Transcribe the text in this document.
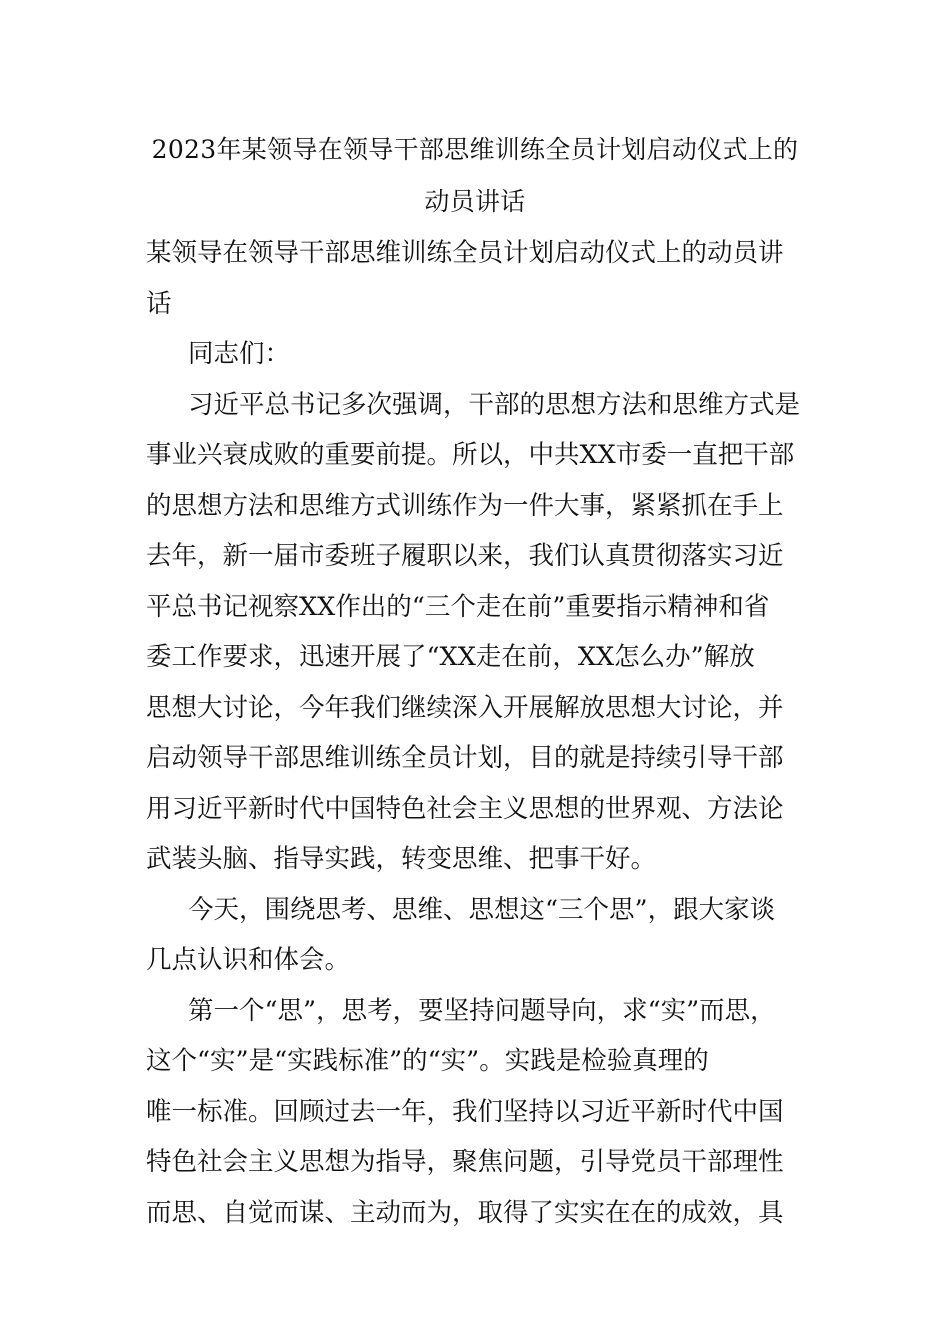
2023年某领导在领导干部思维训练全员计划启动仪式上的
动员讲话
某领导在领导干部思维训练全员计划启动仪式上的动员讲
话
同志们：
习近平总书记多次强调，干部的思想方法和思维方式是
事业兴衰成败的重要前提。所以，中共XX市委一直把干部
的思想方法和思维方式训练作为一件大事，紧紧抓在手上
去年，新一届市委班子履职以来，我们认真贯彻落实习近
平总书记视察XX作出的“三个走在前”重要指示精神和省
委工作要求，迅速开展了“XX走在前，XX怎么办”解放
思想大讨论，今年我们继续深入开展解放思想大讨论，并
启动领导干部思维训练全员计划，目的就是持续引导干部
用习近平新时代中国特色社会主义思想的世界观、方法论
武装头脑、指导实践，转变思维、把事干好。
今天，围绕思考、思维、思想这“三个思”，跟大家谈
几点认识和体会。
第一个“思”，思考，要坚持问题导向，求“实”而思，
这个“实”是“实践标准”的“实”。实践是检验真理的
唯一标准。回顾过去一年，我们坚持以习近平新时代中国
特色社会主义思想为指导，聚焦问题，引导党员干部理性
而思、自觉而谋、主动而为，取得了实实在在的成效，具
